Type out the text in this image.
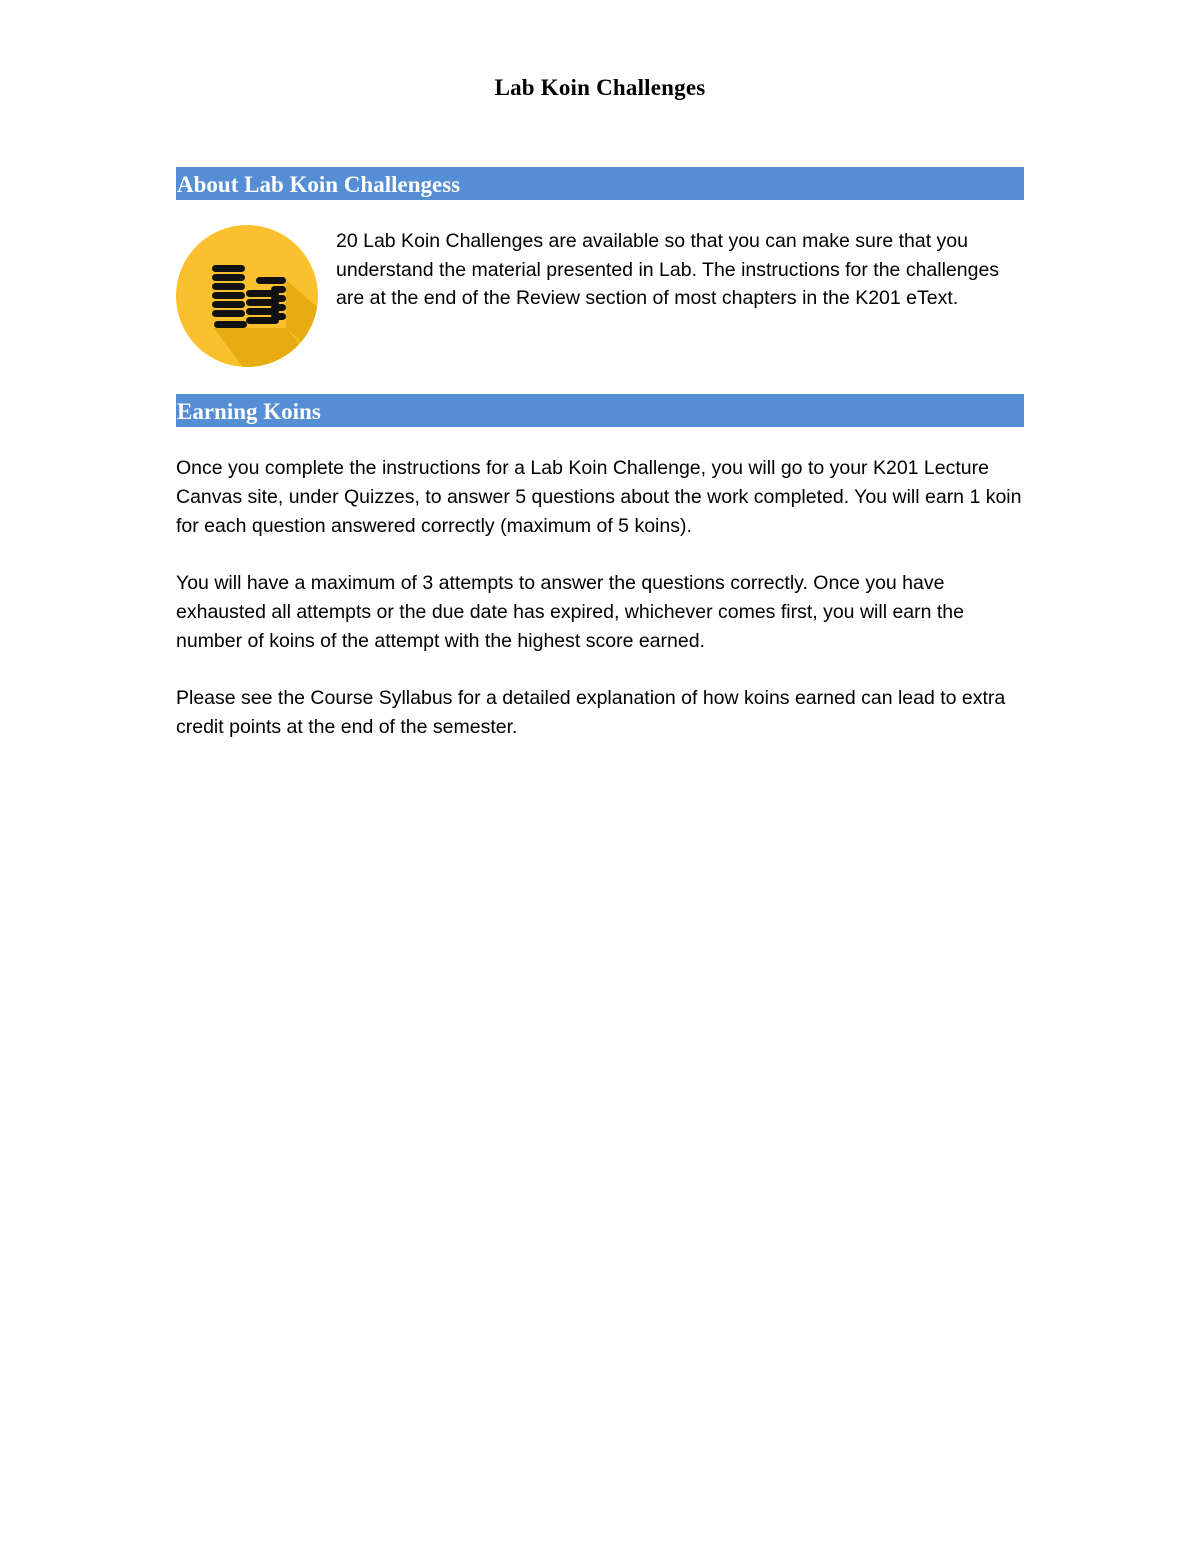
Lab Koin Challenges
About Lab Koin Challengess

20 Lab Koin Challenges are available so that you can make sure that you understand the material presented in Lab. The instructions for the challenges are at the end of the Review section of most chapters in the K201 eText.

Earning Koins

Once you complete the instructions for a Lab Koin Challenge, you will go to your K201 Lecture Canvas site, under Quizzes, to answer 5 questions about the work completed. You will earn 1 koin for each question answered correctly (maximum of 5 koins).

You will have a maximum of 3 attempts to answer the questions correctly. Once you have exhausted all attempts or the due date has expired, whichever comes first, you will earn the number of koins of the attempt with the highest score earned.

Please see the Course Syllabus for a detailed explanation of how koins earned can lead to extra credit points at the end of the semester.
